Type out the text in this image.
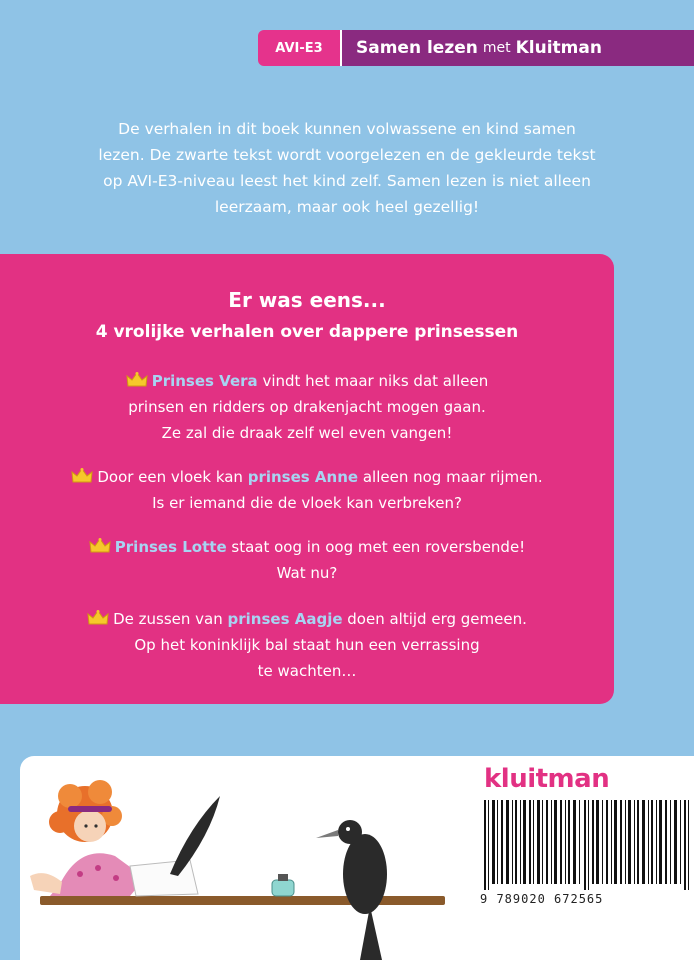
AVI-E3	Samen lezen met Kluitman
De verhalen in dit boek kunnen volwassene en kind samen
lezen. De zwarte tekst wordt voorgelezen en de gekleurde tekst
op AVI-E3-niveau leest het kind zelf. Samen lezen is niet alleen
leerzaam, maar ook heel gezellig!
Er was eens...
4 vrolijke verhalen over dappere prinsessen
Prinses Vera vindt het maar niks dat alleen
prinsen en ridders op drakenjacht mogen gaan.
Ze zal die draak zelf wel even vangen!
Door een vloek kan prinses Anne alleen nog maar rijmen.
Is er iemand die de vloek kan verbreken?
Prinses Lotte staat oog in oog met een roversbende!
Wat nu?
De zussen van prinses Aagje doen altijd erg gemeen.
Op het koninklijk bal staat hun een verrassing
te wachten…
kluitman
9 789020 672565
